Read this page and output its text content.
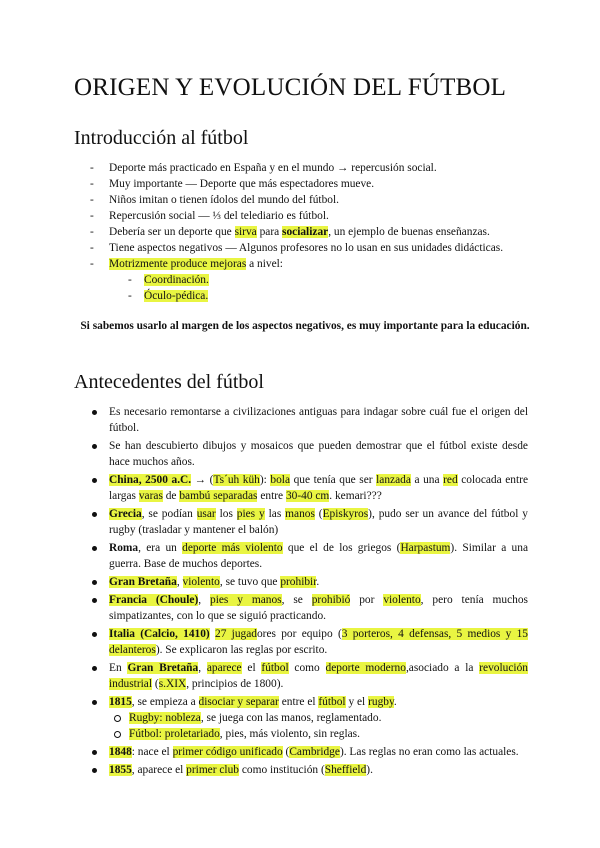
ORIGEN Y EVOLUCIÓN DEL FÚTBOL
Introducción al fútbol
- Deporte más practicado en España y en el mundo → repercusión social.
- Muy importante — Deporte que más espectadores mueve.
- Niños imitan o tienen ídolos del mundo del fútbol.
- Repercusión social — ⅓ del telediario es fútbol.
- Debería ser un deporte que sirva para socializar, un ejemplo de buenas enseñanzas.
- Tiene aspectos negativos — Algunos profesores no lo usan en sus unidades didácticas.
- Motrizmente produce mejoras a nivel:
- Coordinación.
- Óculo-pédica.
Si sabemos usarlo al margen de los aspectos negativos, es muy importante para la educación.
Antecedentes del fútbol
Es necesario remontarse a civilizaciones antiguas para indagar sobre cuál fue el origen del fútbol.
Se han descubierto dibujos y mosaicos que pueden demostrar que el fútbol existe desde hace muchos años.
China, 2500 a.C. → (Ts´uh küh): bola que tenía que ser lanzada a una red colocada entre largas varas de bambú separadas entre 30-40 cm. kemari???
Grecia, se podían usar los pies y las manos (Episkyros), pudo ser un avance del fútbol y rugby (trasladar y mantener el balón)
Roma, era un deporte más violento que el de los griegos (Harpastum). Similar a una guerra. Base de muchos deportes.
Gran Bretaña, violento, se tuvo que prohibir.
Francia (Choule), pies y manos, se prohibió por violento, pero tenía muchos simpatizantes, con lo que se siguió practicando.
Italia (Calcio, 1410) 27 jugadores por equipo (3 porteros, 4 defensas, 5 medios y 15 delanteros). Se explicaron las reglas por escrito.
En Gran Bretaña, aparece el fútbol como deporte moderno,asociado a la revolución industrial (s.XIX, principios de 1800).
1815, se empieza a disociar y separar entre el fútbol y el rugby.
Rugby: nobleza, se juega con las manos, reglamentado.
Fútbol: proletariado, pies, más violento, sin reglas.
1848: nace el primer código unificado (Cambridge). Las reglas no eran como las actuales.
1855, aparece el primer club como institución (Sheffield).
